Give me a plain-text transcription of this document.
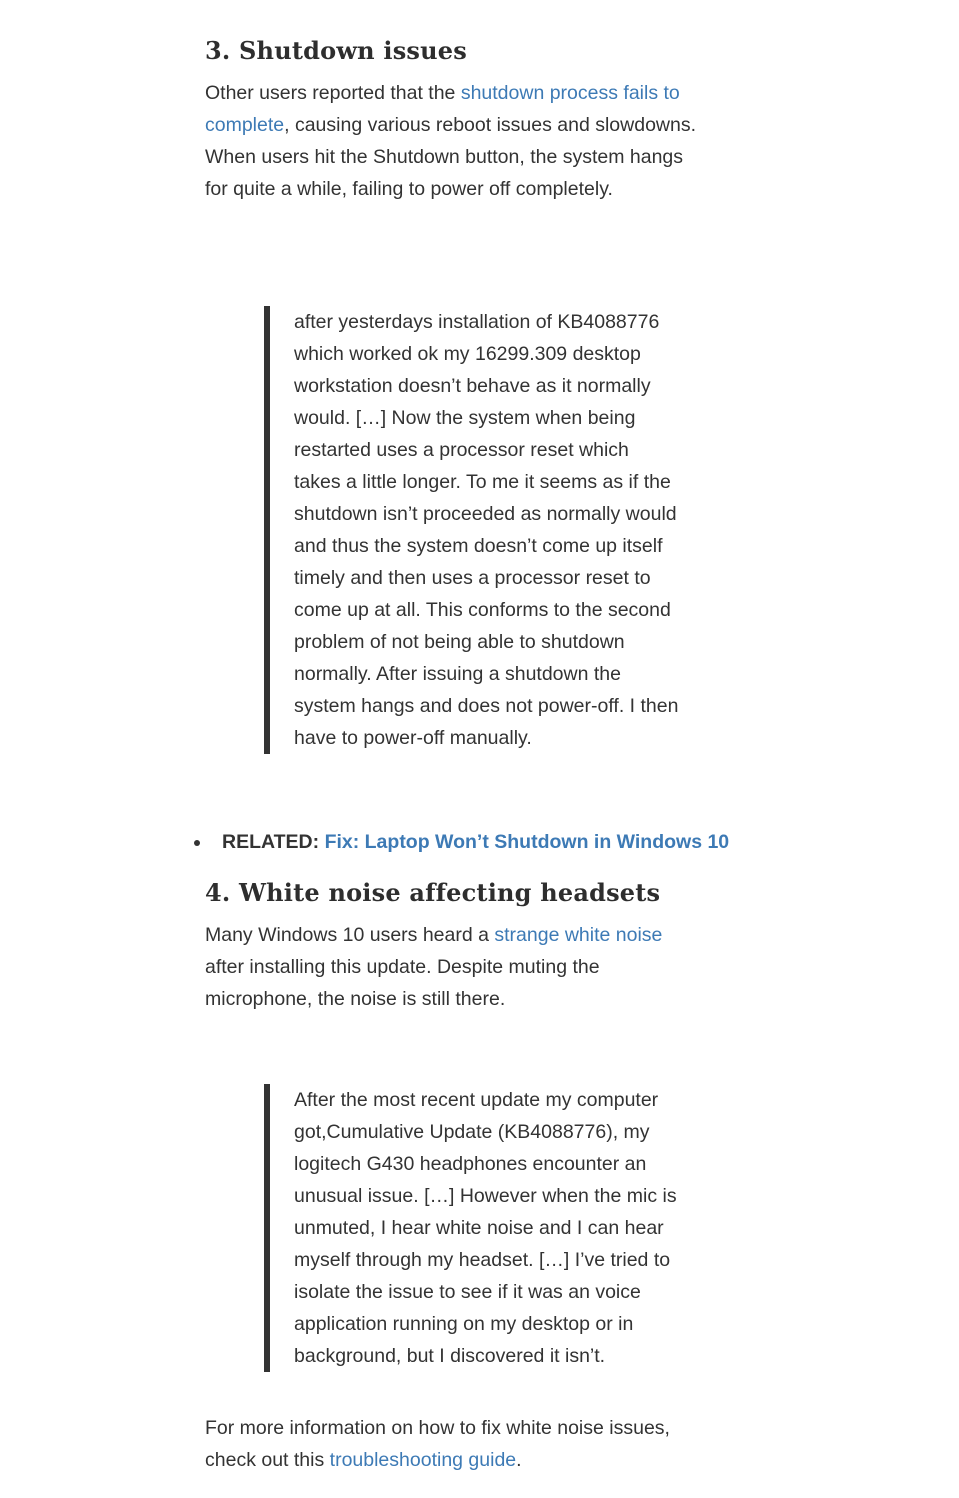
3. Shutdown issues

Other users reported that the shutdown process fails to complete, causing various reboot issues and slowdowns. When users hit the Shutdown button, the system hangs for quite a while, failing to power off completely.

after yesterdays installation of KB4088776 which worked ok my 16299.309 desktop workstation doesn’t behave as it normally would. […] Now the system when being restarted uses a processor reset which takes a little longer. To me it seems as if the shutdown isn’t proceeded as normally would and thus the system doesn’t come up itself timely and then uses a processor reset to come up at all. This conforms to the second problem of not being able to shutdown normally. After issuing a shutdown the system hangs and does not power-off. I then have to power-off manually.

RELATED: Fix: Laptop Won’t Shutdown in Windows 10
4. White noise affecting headsets

Many Windows 10 users heard a strange white noise after installing this update. Despite muting the microphone, the noise is still there.

After the most recent update my computer got,Cumulative Update (KB4088776), my logitech G430 headphones encounter an unusual issue. […] However when the mic is unmuted, I hear white noise and I can hear myself through my headset. […] I’ve tried to isolate the issue to see if it was an voice application running on my desktop or in background, but I discovered it isn’t.

For more information on how to fix white noise issues, check out this troubleshooting guide.
